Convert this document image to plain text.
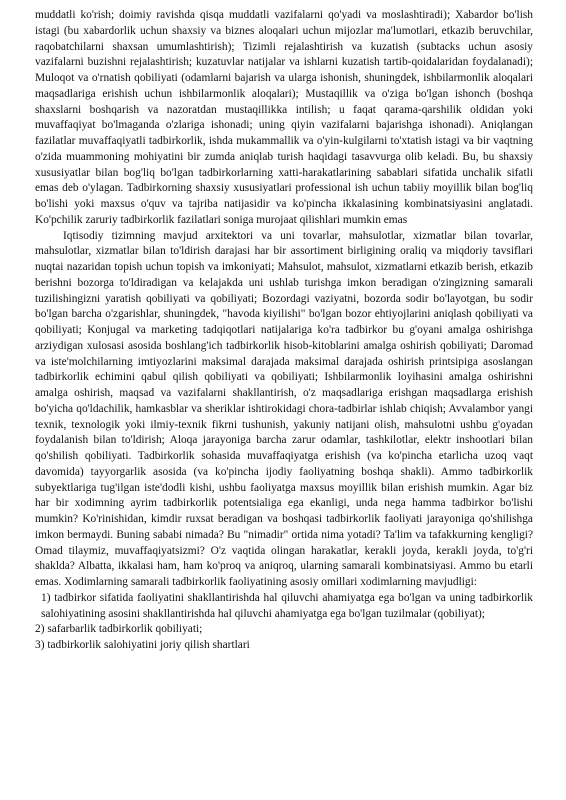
muddatli ko'rish; doimiy ravishda qisqa muddatli vazifalarni qo'yadi va moslashtiradi); Xabardor bo'lish istagi (bu xabardorlik uchun shaxsiy va biznes aloqalari uchun mijozlar ma'lumotlari, etkazib beruvchilar, raqobatchilarni shaxsan umumlashtirish); Tizimli rejalashtirish va kuzatish (subtacks uchun asosiy vazifalarni buzishni rejalashtirish; kuzatuvlar natijalar va ishlarni kuzatish tartib-qoidalaridan foydalanadi); Muloqot va o'rnatish qobiliyati (odamlarni bajarish va ularga ishonish, shuningdek, ishbilarmonlik aloqalari maqsadlariga erishish uchun ishbilarmonlik aloqalari); Mustaqillik va o'ziga bo'lgan ishonch (boshqa shaxslarni boshqarish va nazoratdan mustaqillikka intilish; u faqat qarama-qarshilik oldidan yoki muvaffaqiyat bo'lmaganda o'zlariga ishonadi; uning qiyin vazifalarni bajarishga ishonadi). Aniqlangan fazilatlar muvaffaqiyatli tadbirkorlik, ishda mukammallik va o'yin-kulgilarni to'xtatish istagi va bir vaqtning o'zida muammoning mohiyatini bir zumda aniqlab turish haqidagi tasavvurga olib keladi. Bu, bu shaxsiy xususiyatlar bilan bog'liq bo'lgan tadbirkorlarning xatti-harakatlarining sabablari sifatida unchalik sifatli emas deb o'ylagan. Tadbirkorning shaxsiy xususiyatlari professional ish uchun tabiiy moyillik bilan bog'liq bo'lishi yoki maxsus o'quv va tajriba natijasidir va ko'pincha ikkalasining kombinatsiyasini anglatadi. Ko'pchilik zaruriy tadbirkorlik fazilatlari soniga murojaat qilishlari mumkin emas

Iqtisodiy tizimning mavjud arxitektori va uni tovarlar, mahsulotlar, xizmatlar bilan tovarlar, mahsulotlar, xizmatlar bilan to'ldirish darajasi har bir assortiment birligining oraliq va miqdoriy tavsiflari nuqtai nazaridan topish uchun topish va imkoniyati; Mahsulot, mahsulot, xizmatlarni etkazib berish, etkazib berishni bozorga to'ldiradigan va kelajakda uni ushlab turishga imkon beradigan o'zingizning samarali tuzilishingizni yaratish qobiliyati va qobiliyati; Bozordagi vaziyatni, bozorda sodir bo'layotgan, bu sodir bo'lgan barcha o'zgarishlar, shuningdek, "havoda kiyilishi" bo'lgan bozor ehtiyojlarini aniqlash qobiliyati va qobiliyati; Konjugal va marketing tadqiqotlari natijalariga ko'ra tadbirkor bu g'oyani amalga oshirishga arziydigan xulosasi asosida boshlang'ich tadbirkorlik hisob-kitoblarini amalga oshirish qobiliyati; Daromad va iste'molchilarning imtiyozlarini maksimal darajada maksimal darajada oshirish printsipiga asoslangan tadbirkorlik echimini qabul qilish qobiliyati va qobiliyati; Ishbilarmonlik loyihasini amalga oshirishni amalga oshirish, maqsad va vazifalarni shakllantirish, o'z maqsadlariga erishgan maqsadlarga erishish bo'yicha qo'ldachilik, hamkasblar va sheriklar ishtirokidagi chora-tadbirlar ishlab chiqish; Avvalambor yangi texnik, texnologik yoki ilmiy-texnik fikrni tushunish, yakuniy natijani olish, mahsulotni ushbu g'oyadan foydalanish bilan to'ldirish; Aloqa jarayoniga barcha zarur odamlar, tashkilotlar, elektr inshootlari bilan qo'shilish qobiliyati. Tadbirkorlik sohasida muvaffaqiyatga erishish (va ko'pincha etarlicha uzoq vaqt davomida) tayyorgarlik asosida (va ko'pincha ijodiy faoliyatning boshqa shakli). Ammo tadbirkorlik subyektlariga tug'ilgan iste'dodli kishi, ushbu faoliyatga maxsus moyillik bilan erishish mumkin. Agar biz har bir xodimning ayrim tadbirkorlik potentsialiga ega ekanligi, unda nega hamma tadbirkor bo'lishi mumkin? Ko'rinishidan, kimdir ruxsat beradigan va boshqasi tadbirkorlik faoliyati jarayoniga qo'shilishga imkon bermaydi. Buning sababi nimada? Bu "nimadir" ortida nima yotadi? Ta'lim va tafakkurning kengligi? Omad tilaymiz, muvaffaqiyatsizmi? O'z vaqtida olingan harakatlar, kerakli joyda, kerakli joyda, to'g'ri shaklda? Albatta, ikkalasi ham, ham ko'proq va aniqroq, ularning samarali kombinatsiyasi. Ammo bu etarli emas. Xodimlarning samarali tadbirkorlik faoliyatining asosiy omillari xodimlarning mavjudligi:

1) tadbirkor sifatida faoliyatini shakllantirishda hal qiluvchi ahamiyatga ega bo'lgan va uning tadbirkorlik salohiyatining asosini shakllantirishda hal qiluvchi ahamiyatga ega bo'lgan tuzilmalar (qobiliyat);
2) safarbarlik tadbirkorlik qobiliyati;
3) tadbirkorlik salohiyatini joriy qilish shartlari
